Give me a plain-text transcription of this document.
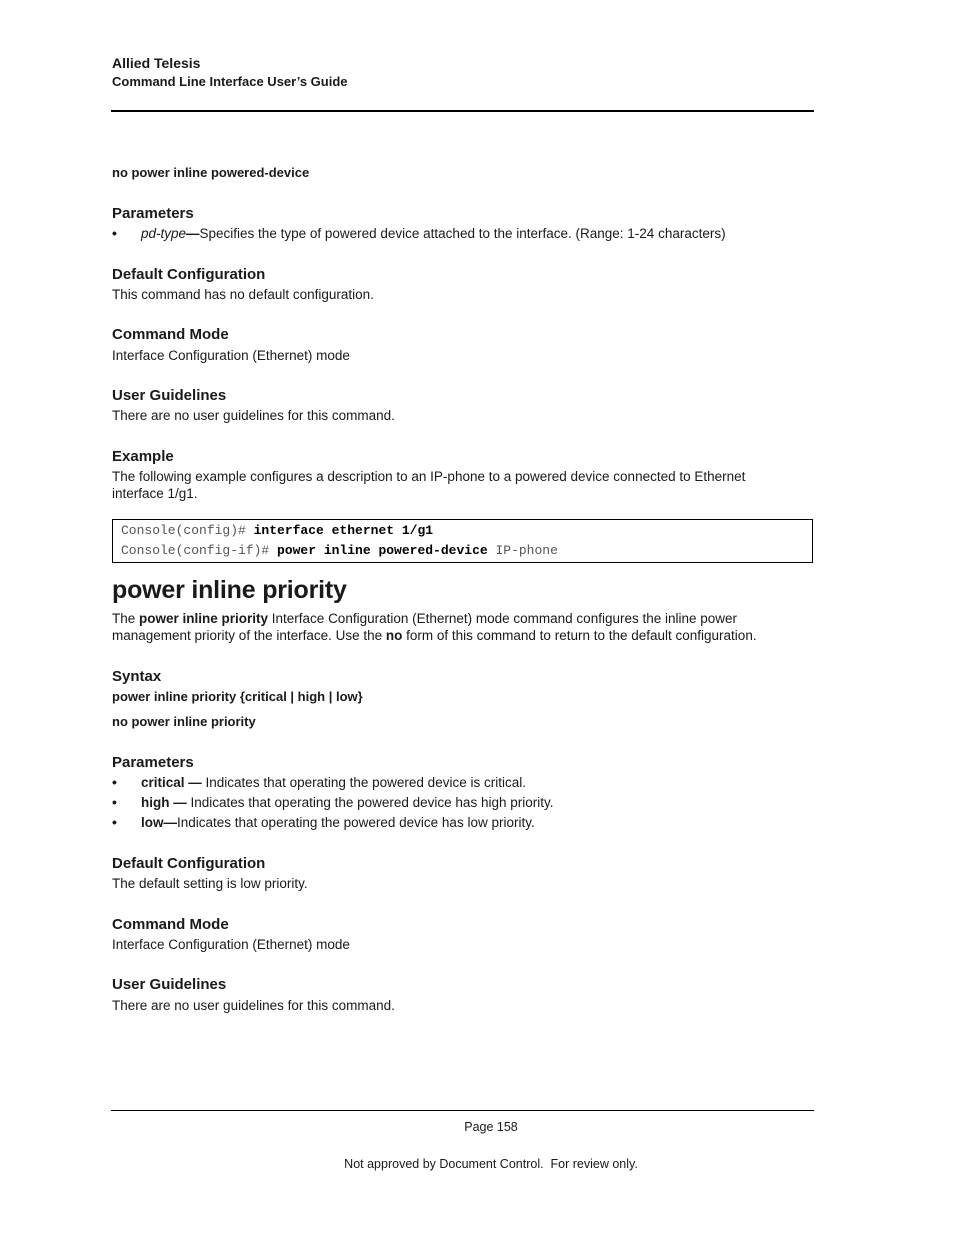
Allied Telesis
Command Line Interface User’s Guide
no power inline powered-device
Parameters
• pd-type—Specifies the type of powered device attached to the interface. (Range: 1-24 characters)
Default Configuration
This command has no default configuration.
Command Mode
Interface Configuration (Ethernet) mode
User Guidelines
There are no user guidelines for this command.
Example
The following example configures a description to an IP-phone to a powered device connected to Ethernet
interface 1/g1.
Console(config)# interface ethernet 1/g1
Console(config-if)# power inline powered-device IP-phone
power inline priority
The power inline priority Interface Configuration (Ethernet) mode command configures the inline power
management priority of the interface. Use the no form of this command to return to the default configuration.
Syntax
power inline priority {critical | high | low}
no power inline priority
Parameters
• critical — Indicates that operating the powered device is critical.
• high — Indicates that operating the powered device has high priority.
• low—Indicates that operating the powered device has low priority.
Default Configuration
The default setting is low priority.
Command Mode
Interface Configuration (Ethernet) mode
User Guidelines
There are no user guidelines for this command.
Page 158
Not approved by Document Control.  For review only.
